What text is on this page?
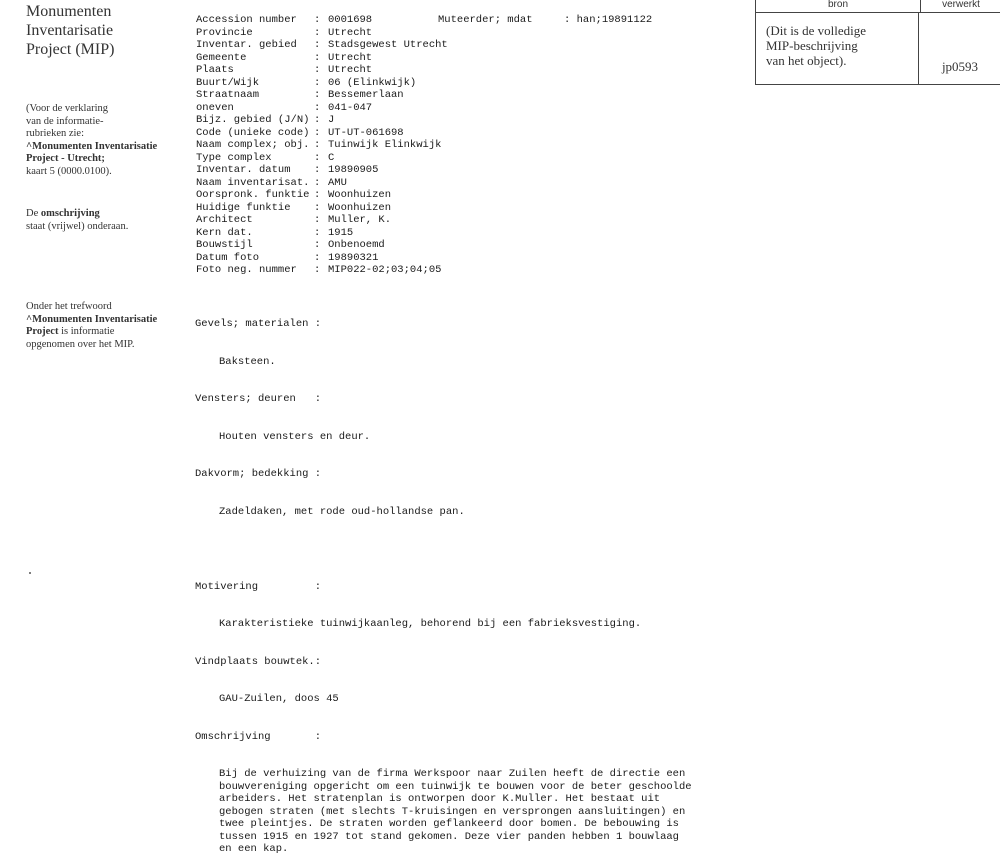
Monumenten
Inventarisatie
Project (MIP)
(Voor de verklaring
van de informatie-
rubrieken zie:
^Monumenten Inventarisatie
Project - Utrecht;
kaart 5 (0000.0100).
De omschrijving
staat (vrijwel) onderaan.
Onder het trefwoord
^Monumenten Inventarisatie
Project is informatie
opgenomen over het MIP.
bron	verwerkt
(Dit is de volledige
MIP-beschrijving
van het object).	jp0593
Accession number : 0001698
Provincie	: Utrecht
Inventar. gebied : Stadsgewest Utrecht
Gemeente	: Utrecht
Plaats	: Utrecht
Buurt/Wijk	: 06 (Elinkwijk)
Straatnaam	: Bessemerlaan
oneven	: 041-047
Bijz. gebied (J/N) : J
Code (unieke code) : UT-UT-061698
Naam complex; obj. : Tuinwijk Elinkwijk
Type complex	: C
Inventar. datum : 19890905
Naam inventarisat. : AMU
Oorspronk. funktie : Woonhuizen
Huidige funktie : Woonhuizen
Architect	: Muller, K.
Kern dat.	: 1915
Bouwstijl	: Onbenoemd
Datum foto	: 19890321
Foto neg. nummer : MIP022-02;03;04;05
Muteerder; mdat     : han;19891122

Gevels; materialen :

Baksteen.

Vensters; deuren   :

Houten vensters en deur.

Dakvorm; bedekking :

Zadeldaken, met rode oud-hollandse pan.

Motivering         :

Karakteristieke tuinwijkaanleg, behorend bij een fabrieksvestiging.

Vindplaats bouwtek.:

GAU-Zuilen, doos 45

Omschrijving       :

Bij de verhuizing van de firma Werkspoor naar Zuilen heeft de directie een
bouwvereniging opgericht om een tuinwijk te bouwen voor de beter geschoolde
arbeiders. Het stratenplan is ontworpen door K.Muller. Het bestaat uit
gebogen straten (met slechts T-kruisingen en versprongen aansluitingen) en
twee pleintjes. De straten worden geflankeerd door bomen. De bebouwing is
tussen 1915 en 1927 tot stand gekomen. Deze vier panden hebben 1 bouwlaag
en een kap.
